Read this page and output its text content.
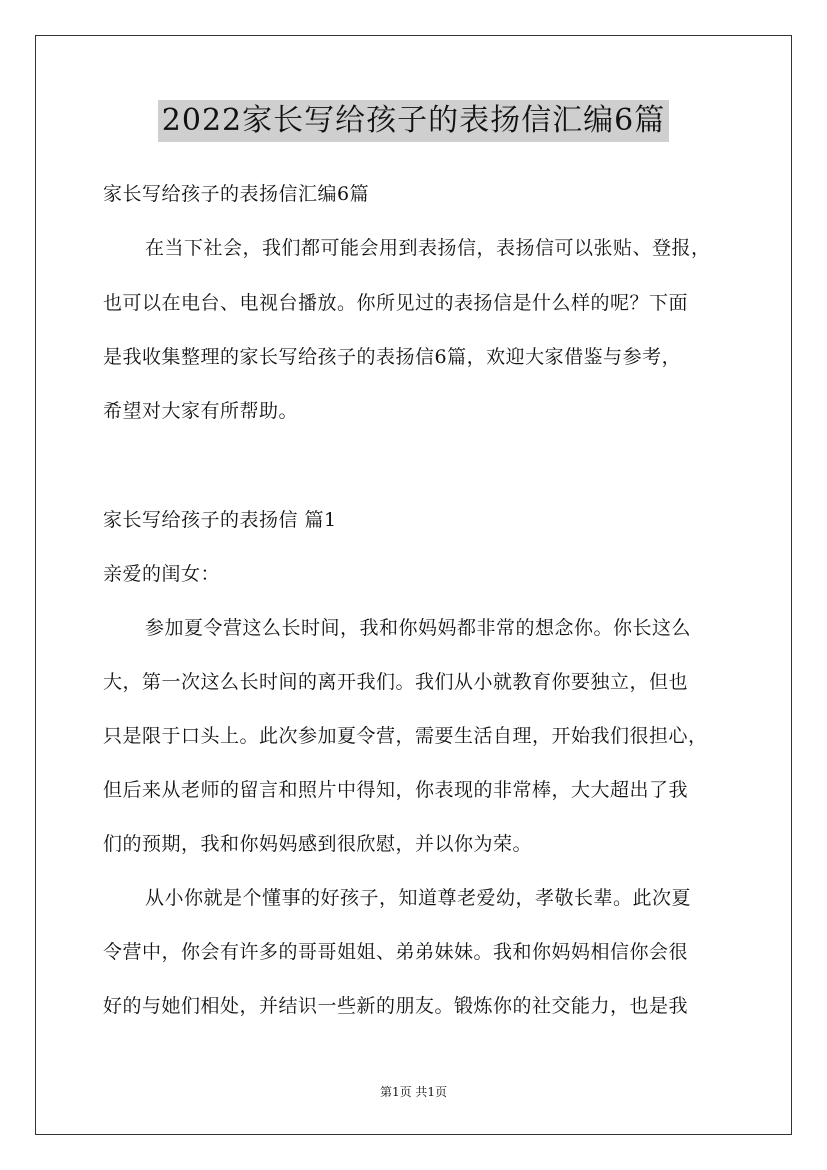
2022家长写给孩子的表扬信汇编6篇
家长写给孩子的表扬信汇编6篇
在当下社会，我们都可能会用到表扬信，表扬信可以张贴、登报，
也可以在电台、电视台播放。你所见过的表扬信是什么样的呢？下面
是我收集整理的家长写给孩子的表扬信6篇，欢迎大家借鉴与参考，
希望对大家有所帮助。
家长写给孩子的表扬信 篇1
亲爱的闺女：
参加夏令营这么长时间，我和你妈妈都非常的想念你。你长这么
大，第一次这么长时间的离开我们。我们从小就教育你要独立，但也
只是限于口头上。此次参加夏令营，需要生活自理，开始我们很担心，
但后来从老师的留言和照片中得知，你表现的非常棒，大大超出了我
们的预期，我和你妈妈感到很欣慰，并以你为荣。
从小你就是个懂事的好孩子，知道尊老爱幼，孝敬长辈。此次夏
令营中，你会有许多的哥哥姐姐、弟弟妹妹。我和你妈妈相信你会很
好的与她们相处，并结识一些新的朋友。锻炼你的社交能力，也是我
第1页 共1页
